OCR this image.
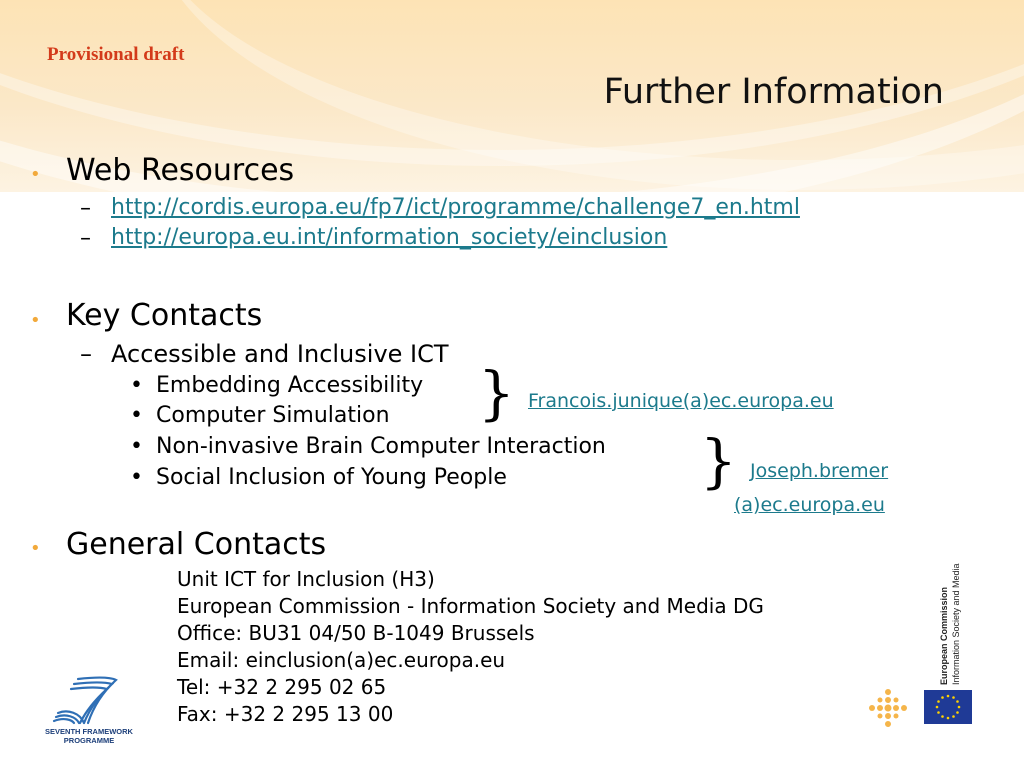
Provisional draft
Further Information
• Web Resources
– http://cordis.europa.eu/fp7/ict/programme/challenge7_en.html
– http://europa.eu.int/information_society/einclusion
• Key Contacts
– Accessible and Inclusive ICT
• Embedding Accessibility
• Computer Simulation
• Non-invasive Brain Computer Interaction
• Social Inclusion of Young People
} Francois.junique(a)ec.europa.eu
} Joseph.bremer
(a)ec.europa.eu
• General Contacts
Unit ICT for Inclusion (H3)
European Commission - Information Society and Media DG
Office: BU31 04/50 B-1049 Brussels
Email: einclusion(a)ec.europa.eu
Tel: +32 2 295 02 65
Fax: +32 2 295 13 00
SEVENTH FRAMEWORK
PROGRAMME
European Commission Information Society and Media
